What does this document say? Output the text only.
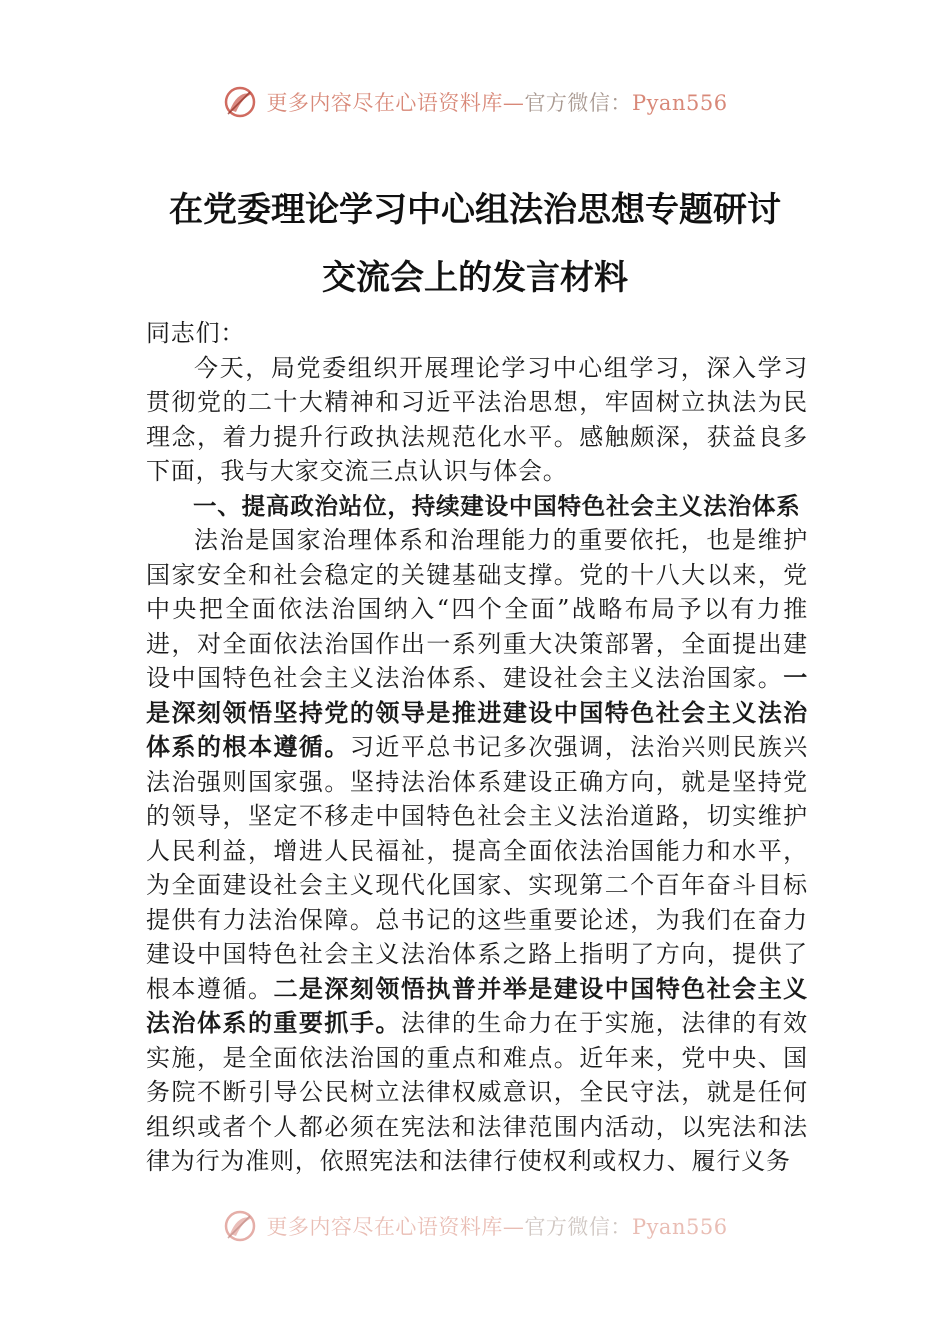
更多内容尽在心语资料库—官方微信：Pyan556
在党委理论学习中心组法治思想专题研讨
交流会上的发言材料

同志们：

今天，局党委组织开展理论学习中心组学习，深入学习贯彻党的二十大精神和习近平法治思想，牢固树立执法为民理念，着力提升行政执法规范化水平。感触颇深，获益良多下面，我与大家交流三点认识与体会。

一、提高政治站位，持续建设中国特色社会主义法治体系

法治是国家治理体系和治理能力的重要依托，也是维护国家安全和社会稳定的关键基础支撑。党的十八大以来，党中央把全面依法治国纳入“四个全面”战略布局予以有力推进，对全面依法治国作出一系列重大决策部署，全面提出建设中国特色社会主义法治体系、建设社会主义法治国家。一是深刻领悟坚持党的领导是推进建设中国特色社会主义法治体系的根本遵循。习近平总书记多次强调，法治兴则民族兴法治强则国家强。坚持法治体系建设正确方向，就是坚持党的领导，坚定不移走中国特色社会主义法治道路，切实维护人民利益，增进人民福祉，提高全面依法治国能力和水平，为全面建设社会主义现代化国家、实现第二个百年奋斗目标提供有力法治保障。总书记的这些重要论述，为我们在奋力建设中国特色社会主义法治体系之路上指明了方向，提供了根本遵循。二是深刻领悟执普并举是建设中国特色社会主义法治体系的重要抓手。法律的生命力在于实施，法律的有效实施，是全面依法治国的重点和难点。近年来，党中央、国务院不断引导公民树立法律权威意识，全民守法，就是任何组织或者个人都必须在宪法和法律范围内活动，以宪法和法律为行为准则，依照宪法和法律行使权利或权力、履行义务

更多内容尽在心语资料库—官方微信：Pyan556
